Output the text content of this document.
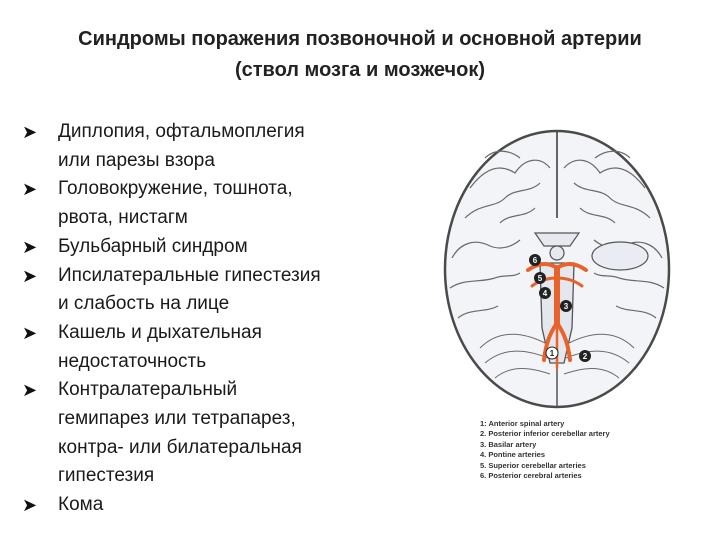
Синдромы поражения позвоночной и основной артерии
(ствол мозга и мозжечок)
➤ Диплопия, офтальмоплегия
или парезы взора
➤ Головокружение, тошнота,
рвота, нистагм
➤ Бульбарный синдром
➤ Ипсилатеральные гипестезия
и слабость на лице
➤ Кашель и дыхательная
недостаточность
➤ Контралатеральный
гемипарез или тетрапарез,
контра- или билатеральная
гипестезия
➤ Кома
6
5
4
3
2
1
1: Anterior spinal artery
2. Posterior inferior cerebellar artery
3. Basilar artery
4. Pontine arteries
5. Superior cerebellar arteries
6. Posterior cerebral arteries
